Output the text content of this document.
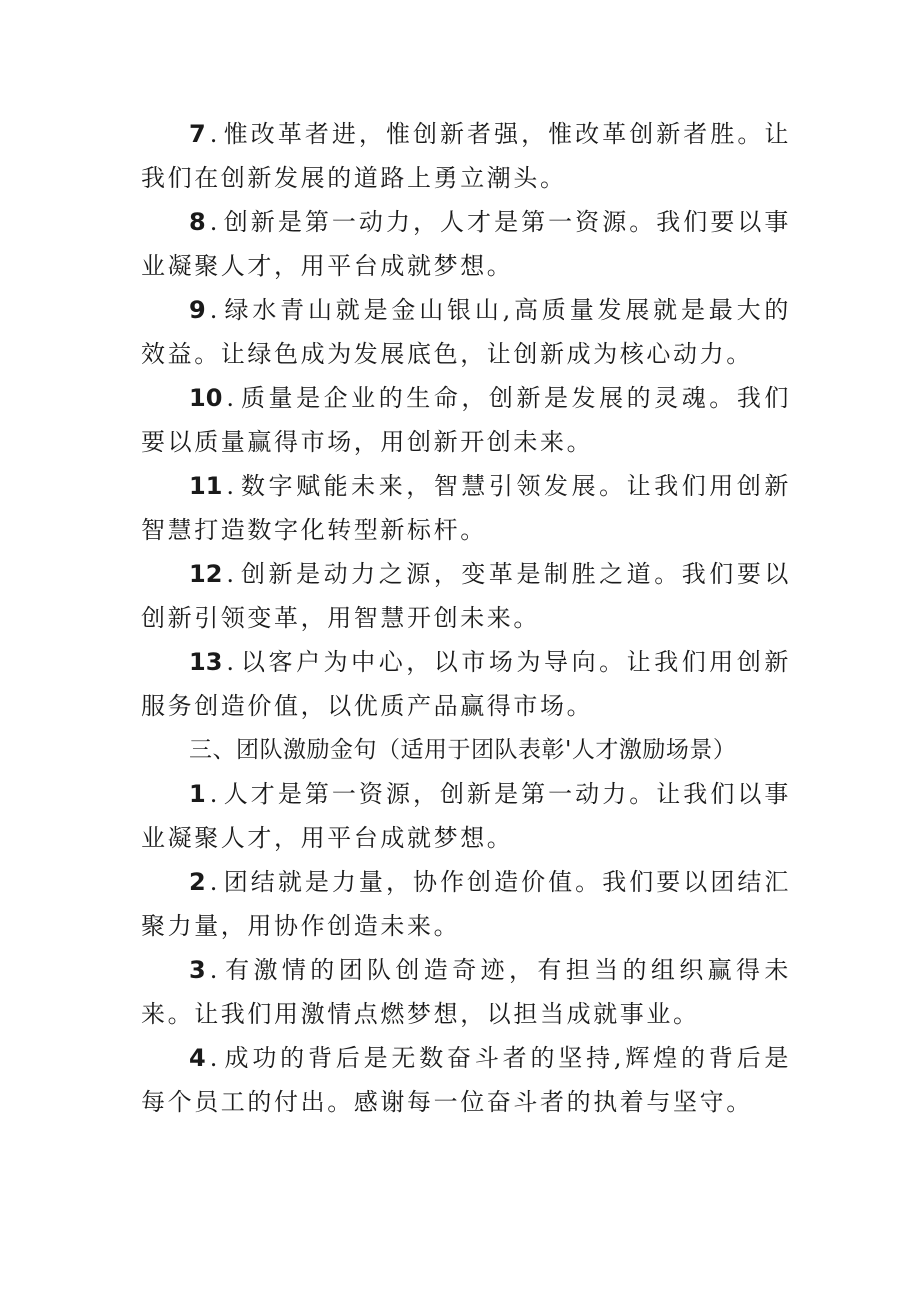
7 . 惟改革者进，惟创新者强，惟改革创新者胜。让我们在创新发展的道路上勇立潮头。

8 . 创新是第一动力，人才是第一资源。我们要以事业凝聚人才，用平台成就梦想。

9 . 绿水青山就是金山银山,高质量发展就是最大的效益。让绿色成为发展底色，让创新成为核心动力。

10 . 质量是企业的生命，创新是发展的灵魂。我们要以质量赢得市场，用创新开创未来。

11 . 数字赋能未来，智慧引领发展。让我们用创新智慧打造数字化转型新标杆。

12 . 创新是动力之源，变革是制胜之道。我们要以创新引领变革，用智慧开创未来。

13 . 以客户为中心，以市场为导向。让我们用创新服务创造价值，以优质产品赢得市场。

三、团队激励金句（适用于团队表彰'人才激励场景）

1 . 人才是第一资源，创新是第一动力。让我们以事业凝聚人才，用平台成就梦想。

2 . 团结就是力量，协作创造价值。我们要以团结汇聚力量，用协作创造未来。

3 . 有激情的团队创造奇迹，有担当的组织赢得未来。让我们用激情点燃梦想，以担当成就事业。

4 . 成功的背后是无数奋斗者的坚持,辉煌的背后是每个员工的付出。感谢每一位奋斗者的执着与坚守。
